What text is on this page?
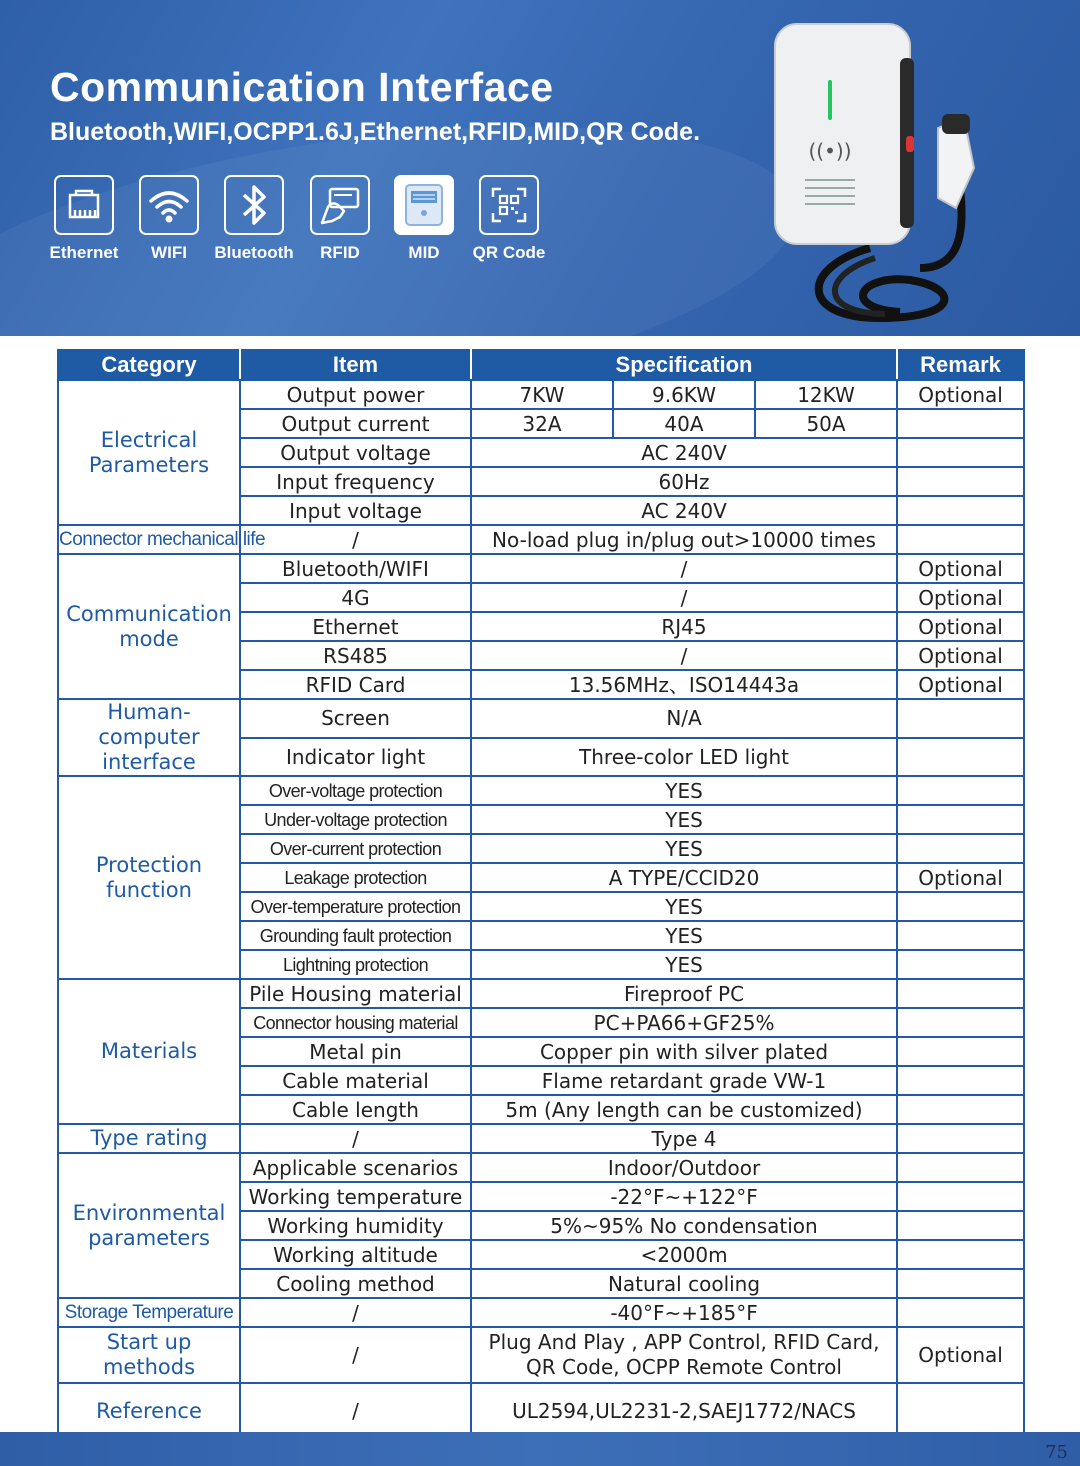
Communication Interface
Bluetooth,WIFI,OCPP1.6J,Ethernet,RFID,MID,QR Code.
Ethernet	WIFI	Bluetooth	RFID	MID	QR Code
((•))
Category	Item	Specification			Remark
Electrical Parameters	Output power	7KW	9.6KW	12KW	Optional
	Output current	32A	40A	50A	
	Output voltage	AC 240V			
	Input frequency	60Hz			
	Input voltage	AC 240V			
Connector mechanical life	/	No-load plug in/plug out>10000 times			
Communication mode	Bluetooth/WIFI	/			Optional
	4G	/			Optional
	Ethernet	RJ45			Optional
	RS485	/			Optional
	RFID Card	13.56MHz、ISO14443a			Optional
Human-computer interface	Screen	N/A			
	Indicator light	Three-color LED light			
Protection function	Over-voltage protection	YES			
	Under-voltage protection	YES			
	Over-current protection	YES			
	Leakage protection	A TYPE/CCID20			Optional
	Over-temperature protection	YES			
	Grounding fault protection	YES			
	Lightning protection	YES			
Materials	Pile Housing material	Fireproof PC			
	Connector housing material	PC+PA66+GF25%			
	Metal pin	Copper pin with silver plated			
	Cable material	Flame retardant grade VW-1			
	Cable length	5m (Any length can be customized)			
Type rating	/	Type 4			
Environmental parameters	Applicable scenarios	Indoor/Outdoor			
	Working temperature	-22°F~+122°F			
	Working humidity	5%~95% No condensation			
	Working altitude	<2000m			
	Cooling method	Natural cooling			
Storage Temperature	/	-40°F~+185°F			
Start up methods	/	Plug And Play , APP Control, RFID Card, QR Code, OCPP Remote Control			Optional
Reference	/	UL2594,UL2231-2,SAEJ1772/NACS			
75
